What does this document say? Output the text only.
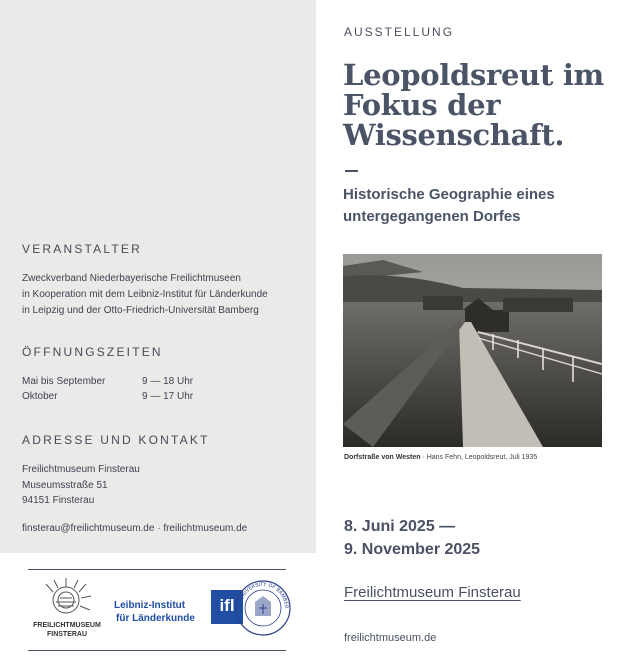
VERANSTALTER
Zweckverband Niederbayerische Freilichtmuseen
in Kooperation mit dem Leibniz-Institut für Länderkunde
in Leipzig und der Otto-Friedrich-Universität Bamberg
ÖFFNUNGSZEITEN
Mai bis September	9 — 18 Uhr
Oktober	9 — 17 Uhr
ADRESSE UND KONTAKT
Freilichtmuseum Finsterau
Museumsstraße 51
94151 Finsterau
finsterau@freilichtmuseum.de · freilichtmuseum.de
FREILICHTMUSEUM
FINSTERAU
Leibniz-Institut
für Länderkunde
ifl UNIVERSITY OF BAMBER
AUSSTELLUNG
Leopoldsreut im Fokus der Wissenschaft.
Historische Geographie eines untergegangenen Dorfes
Dorfstraße von Westen · Hans Fehn, Leopoldsreut, Juli 1935
8. Juni 2025 —
9. November 2025
Freilichtmuseum Finsterau
freilichtmuseum.de
